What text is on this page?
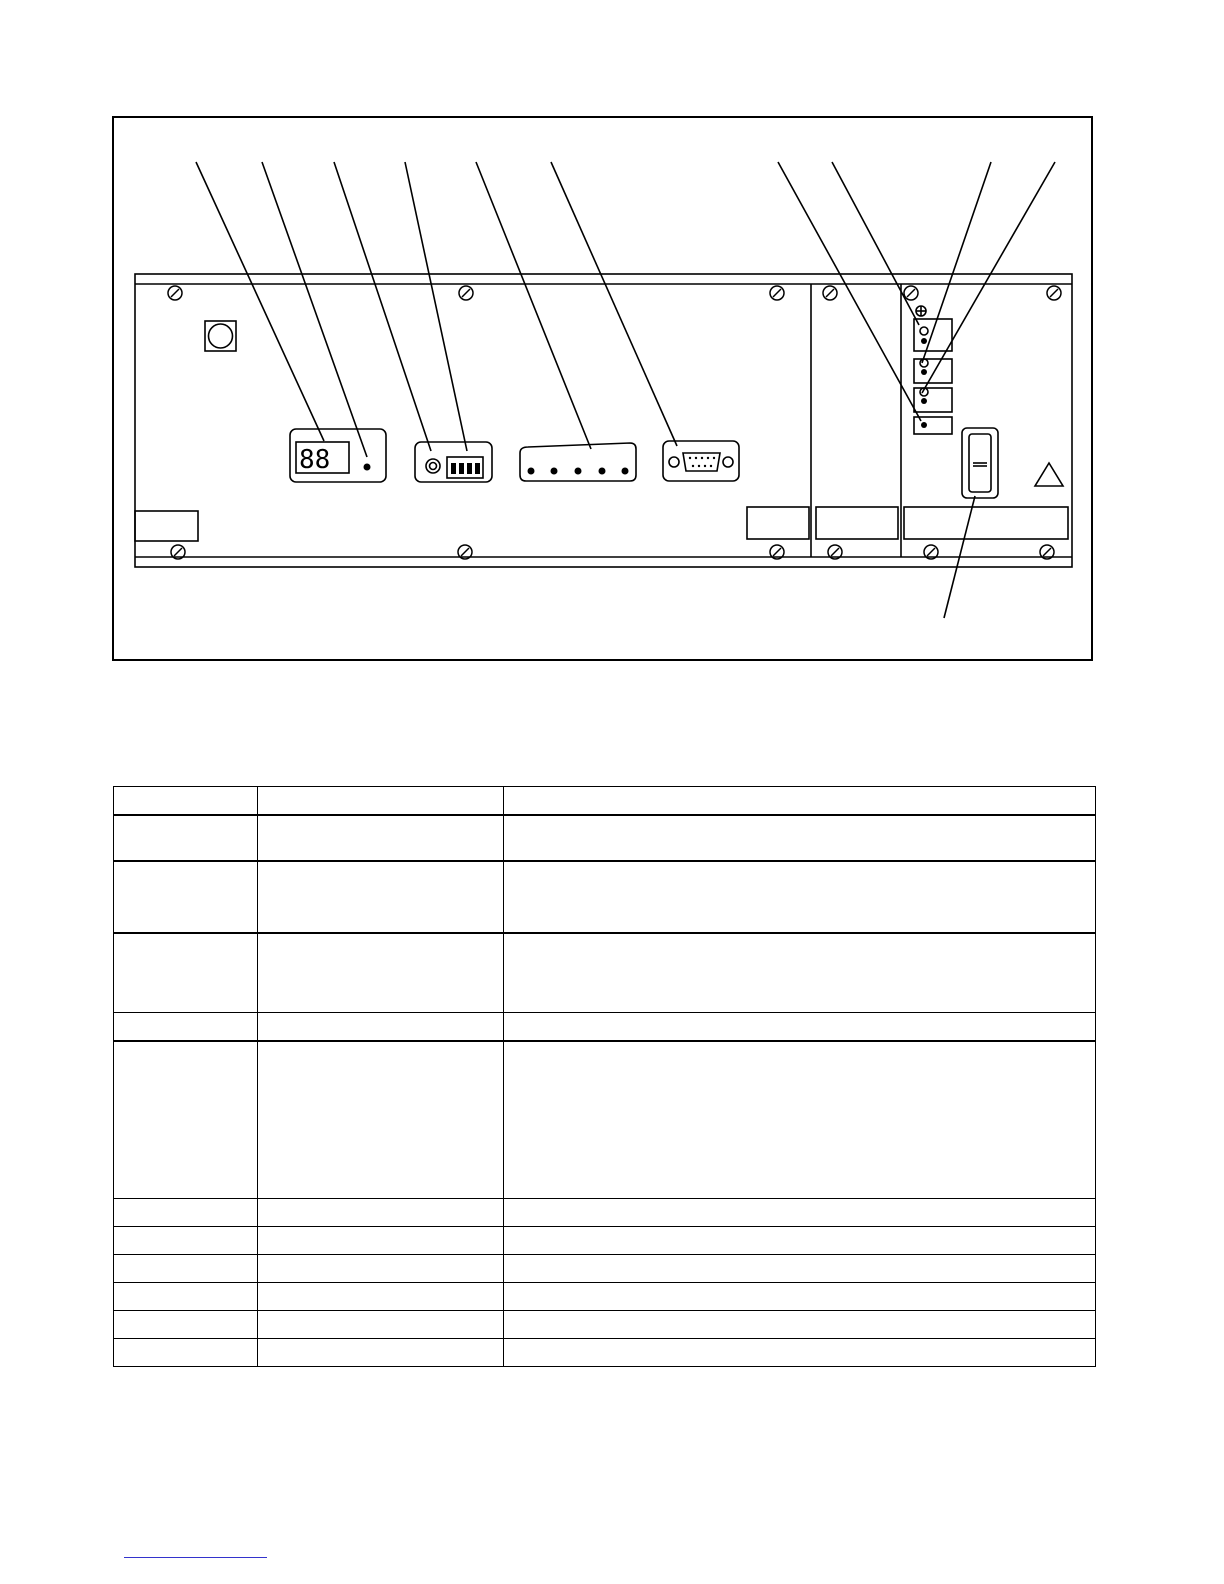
88
